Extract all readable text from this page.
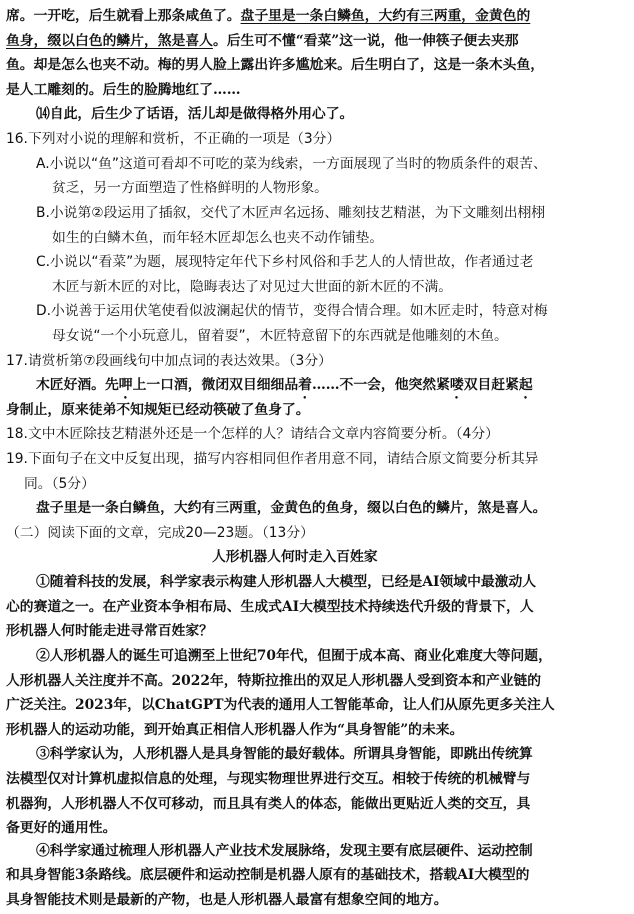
席。一开吃，后生就看上那条咸鱼了。盘子里是一条白鳞鱼，大约有三两重，金黄色的
鱼身，缀以白色的鳞片，煞是喜人。后生可不懂“看菜”这一说，他一伸筷子便去夹那
鱼。却是怎么也夹不动。梅的男人脸上露出许多尴尬来。后生明白了，这是一条木头鱼，
是人工雕刻的。后生的脸腾地红了……
⒁自此，后生少了话语，活儿却是做得格外用心了。
16.下列对小说的理解和赏析，不正确的一项是（3分）
A.小说以“鱼”这道可看却不可吃的菜为线索，一方面展现了当时的物质条件的艰苦、
贫乏，另一方面塑造了性格鲜明的人物形象。
B.小说第②段运用了插叙，交代了木匠声名远扬、雕刻技艺精湛，为下文雕刻出栩栩
如生的白鳞木鱼，而年轻木匠却怎么也夹不动作铺垫。
C.小说以“看菜”为题，展现特定年代下乡村风俗和手艺人的人情世故，作者通过老
木匠与新木匠的对比，隐晦表达了对见过大世面的新木匠的不满。
D.小说善于运用伏笔使看似波澜起伏的情节，变得合情合理。如木匠走时，特意对梅
母女说“一个小玩意儿，留着耍”，木匠特意留下的东西就是他雕刻的木鱼。
17.请赏析第⑦段画线句中加点词的表达效果。（3分）
木匠好酒。先呷上一口酒，微闭双目细细品着……不一会，他突然紧喽双目赶紧起
身制止，原来徒弟不知规矩已经动筷破了鱼身了。
18.文中木匠除技艺精湛外还是一个怎样的人？请结合文章内容简要分析。（4分）
19.下面句子在文中反复出现，描写内容相同但作者用意不同，请结合原文简要分析其异
同。（5分）
盘子里是一条白鳞鱼，大约有三两重，金黄色的鱼身，缀以白色的鳞片，煞是喜人。
（二）阅读下面的文章，完成20—23题。（13分）
人形机器人何时走入百姓家
①随着科技的发展，科学家表示构建人形机器人大模型，已经是AI领域中最激动人
心的赛道之一。在产业资本争相布局、生成式AI大模型技术持续迭代升级的背景下，人
形机器人何时能走进寻常百姓家？
②人形机器人的诞生可追溯至上世纪70年代，但囿于成本高、商业化难度大等问题，
人形机器人关注度并不高。2022年，特斯拉推出的双足人形机器人受到资本和产业链的
广泛关注。2023年，以ChatGPT为代表的通用人工智能革命，让人们从原先更多关注人
形机器人的运动功能，到开始真正相信人形机器人作为“具身智能”的未来。
③科学家认为，人形机器人是具身智能的最好载体。所谓具身智能，即跳出传统算
法模型仅对计算机虚拟信息的处理，与现实物理世界进行交互。相较于传统的机械臂与
机器狗，人形机器人不仅可移动，而且具有类人的体态，能做出更贴近人类的交互，具
备更好的通用性。
④科学家通过梳理人形机器人产业技术发展脉络，发现主要有底层硬件、运动控制
和具身智能3条路线。底层硬件和运动控制是机器人原有的基础技术，搭载AI大模型的
具身智能技术则是最新的产物，也是人形机器人最富有想象空间的地方。
